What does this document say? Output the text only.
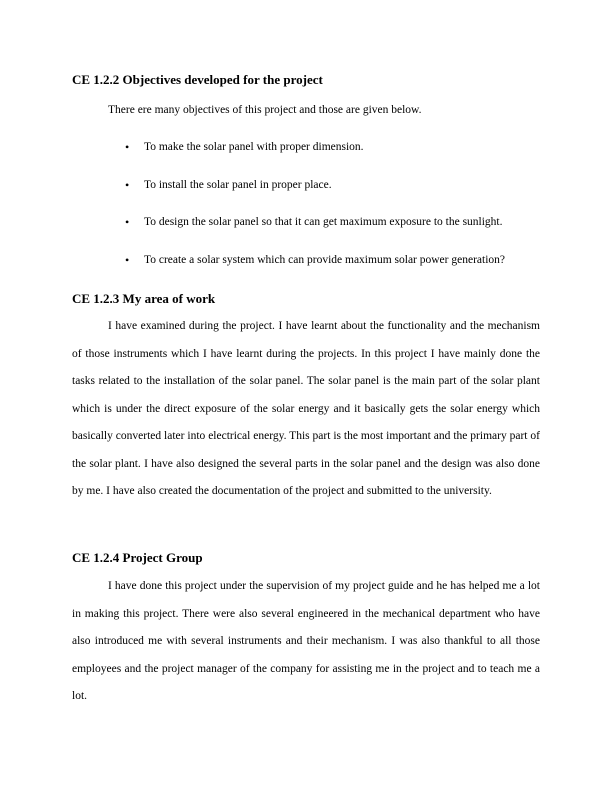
CE 1.2.2 Objectives developed for the project
There ere many objectives of this project and those are given below.
• To make the solar panel with proper dimension.
• To install the solar panel in proper place.
• To design the solar panel so that it can get maximum exposure to the sunlight.
• To create a solar system which can provide maximum solar power generation?
CE 1.2.3 My area of work
I have examined during the project. I have learnt about the functionality and the mechanism of those instruments which I have learnt during the projects. In this project I have mainly done the tasks related to the installation of the solar panel. The solar panel is the main part of the solar plant which is under the direct exposure of the solar energy and it basically gets the solar energy which basically converted later into electrical energy. This part is the most important and the primary part of the solar plant. I have also designed the several parts in the solar panel and the design was also done by me. I have also created the documentation of the project and submitted to the university.
CE 1.2.4 Project Group
I have done this project under the supervision of my project guide and he has helped me a lot in making this project. There were also several engineered in the mechanical department who have also introduced me with several instruments and their mechanism. I was also thankful to all those employees and the project manager of the company for assisting me in the project and to teach me a lot.
